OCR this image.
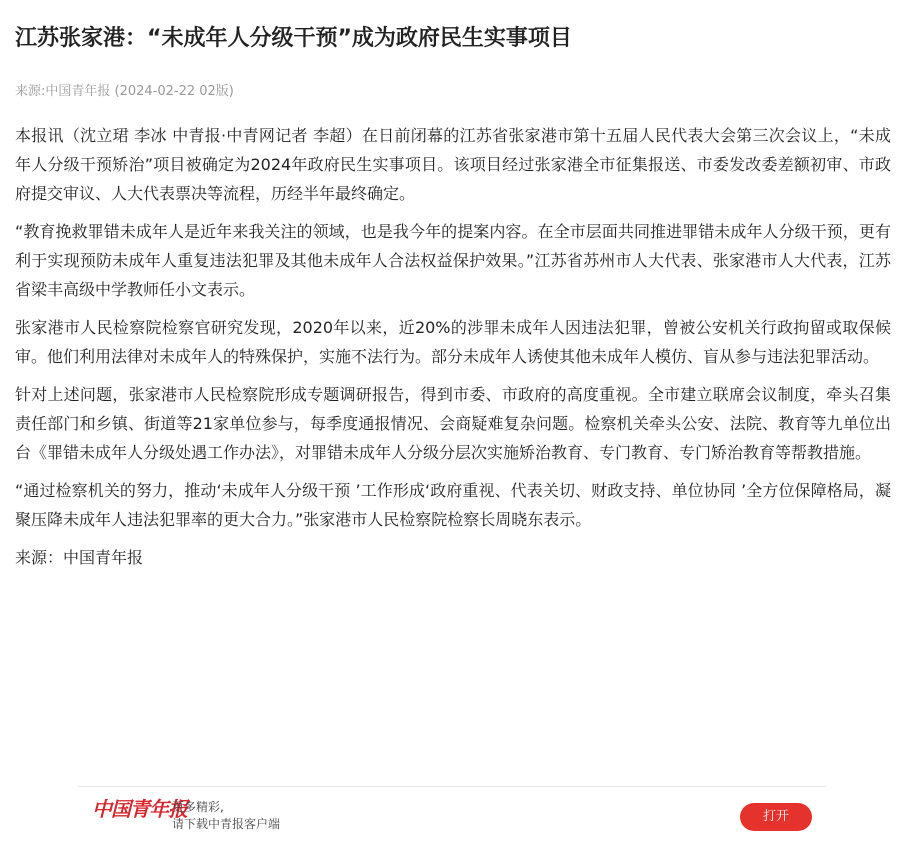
江苏张家港：“未成年人分级干预”成为政府民生实事项目
来源:中国青年报 (2024-02-22 02版)

本报讯（沈立珺 李冰 中青报·中青网记者 李超）在日前闭幕的江苏省张家港市第十五届人民代表大会第三次会议上，“未成年人分级干预矫治”项目被确定为2024年政府民生实事项目。该项目经过张家港全市征集报送、市委发改委差额初审、市政府提交审议、人大代表票决等流程，历经半年最终确定。

“教育挽救罪错未成年人是近年来我关注的领域，也是我今年的提案内容。在全市层面共同推进罪错未成年人分级干预，更有利于实现预防未成年人重复违法犯罪及其他未成年人合法权益保护效果。”江苏省苏州市人大代表、张家港市人大代表，江苏省梁丰高级中学教师任小文表示。

张家港市人民检察院检察官研究发现，2020年以来，近20%的涉罪未成年人因违法犯罪，曾被公安机关行政拘留或取保候审。他们利用法律对未成年人的特殊保护，实施不法行为。部分未成年人诱使其他未成年人模仿、盲从参与违法犯罪活动。

针对上述问题，张家港市人民检察院形成专题调研报告，得到市委、市政府的高度重视。全市建立联席会议制度，牵头召集责任部门和乡镇、街道等21家单位参与，每季度通报情况、会商疑难复杂问题。检察机关牵头公安、法院、教育等九单位出台《罪错未成年人分级处遇工作办法》，对罪错未成年人分级分层次实施矫治教育、专门教育、专门矫治教育等帮教措施。

“通过检察机关的努力，推动‘未成年人分级干预 ’工作形成‘政府重视、代表关切、财政支持、单位协同 ’全方位保障格局，凝聚压降未成年人违法犯罪率的更大合力。”张家港市人民检察院检察长周晓东表示。

来源：中国青年报

中国青年报
更多精彩,
请下载中青报客户端	打开
